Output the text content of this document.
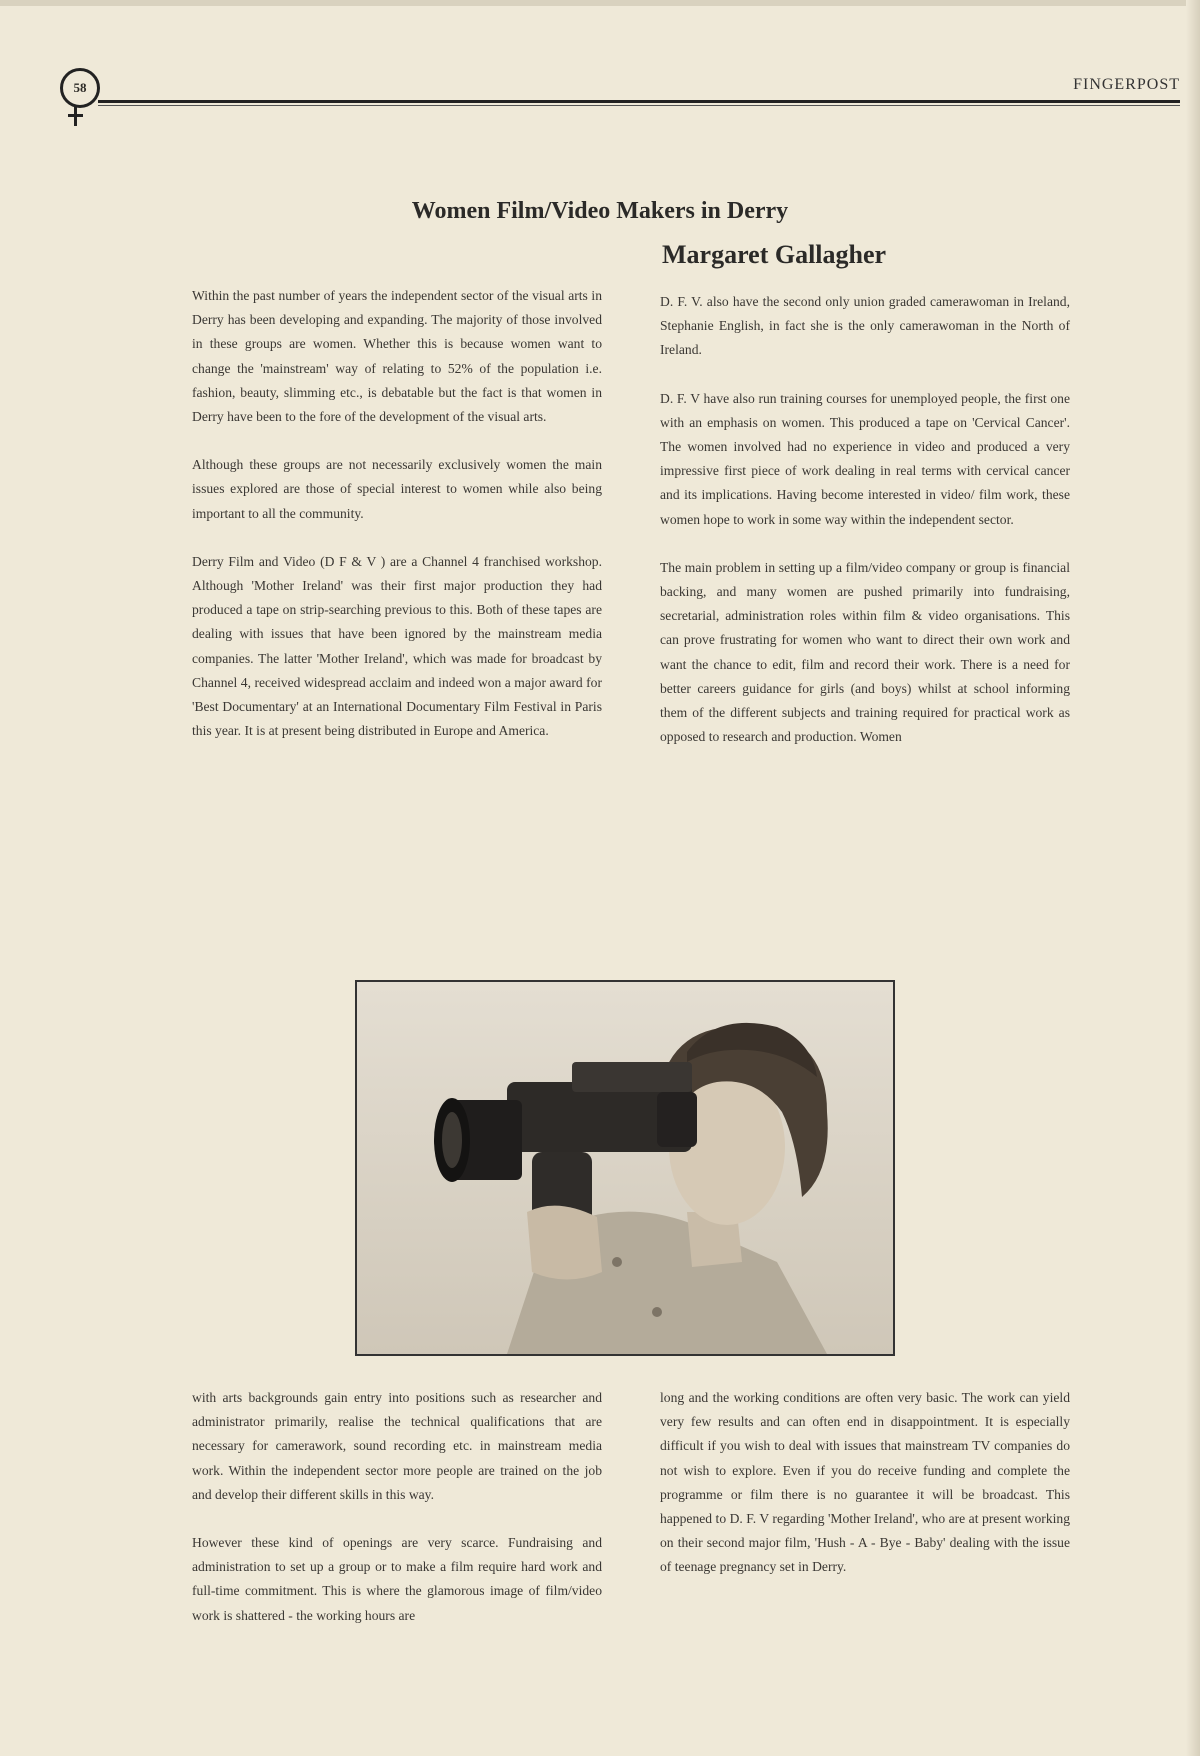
58	FINGERPOST
Women Film/Video Makers in Derry
Margaret Gallagher

Within the past number of years the independent sector of the visual arts in Derry has been developing and expanding. The majority of those involved in these groups are women. Whether this is because women want to change the 'mainstream' way of relating to 52% of the population i.e. fashion, beauty, slimming etc., is debatable but the fact is that women in Derry have been to the fore of the development of the visual arts.

Although these groups are not necessarily exclusively women the main issues explored are those of special interest to women while also being important to all the community.

Derry Film and Video (D F & V ) are a Channel 4 franchised workshop. Although 'Mother Ireland' was their first major production they had produced a tape on strip-searching previous to this. Both of these tapes are dealing with issues that have been ignored by the mainstream media companies. The latter 'Mother Ireland', which was made for broadcast by Channel 4, received widespread acclaim and indeed won a major award for 'Best Documentary' at an International Documentary Film Festival in Paris this year. It is at present being distributed in Europe and America.

D. F. V. also have the second only union graded camerawoman in Ireland, Stephanie English, in fact she is the only camerawoman in the North of Ireland.

D. F. V have also run training courses for unemployed people, the first one with an emphasis on women. This produced a tape on 'Cervical Cancer'. The women involved had no experience in video and produced a very impressive first piece of work dealing in real terms with cervical cancer and its implications. Having become interested in video/ film work, these women hope to work in some way within the independent sector.

The main problem in setting up a film/video company or group is financial backing, and many women are pushed primarily into fundraising, secretarial, administration roles within film & video organisations. This can prove frustrating for women who want to direct their own work and want the chance to edit, film and record their work. There is a need for better careers guidance for girls (and boys) whilst at school informing them of the different subjects and training required for practical work as opposed to research and production. Women

with arts backgrounds gain entry into positions such as researcher and administrator primarily, realise the technical qualifications that are necessary for camerawork, sound recording etc. in mainstream media work. Within the independent sector more people are trained on the job and develop their different skills in this way.

However these kind of openings are very scarce. Fundraising and administration to set up a group or to make a film require hard work and full-time commitment. This is where the glamorous image of film/video work is shattered - the working hours are

long and the working conditions are often very basic. The work can yield very few results and can often end in disappointment. It is especially difficult if you wish to deal with issues that mainstream TV companies do not wish to explore. Even if you do receive funding and complete the programme or film there is no guarantee it will be broadcast. This happened to D. F. V regarding 'Mother Ireland', who are at present working on their second major film, 'Hush - A - Bye - Baby' dealing with the issue of teenage pregnancy set in Derry.
